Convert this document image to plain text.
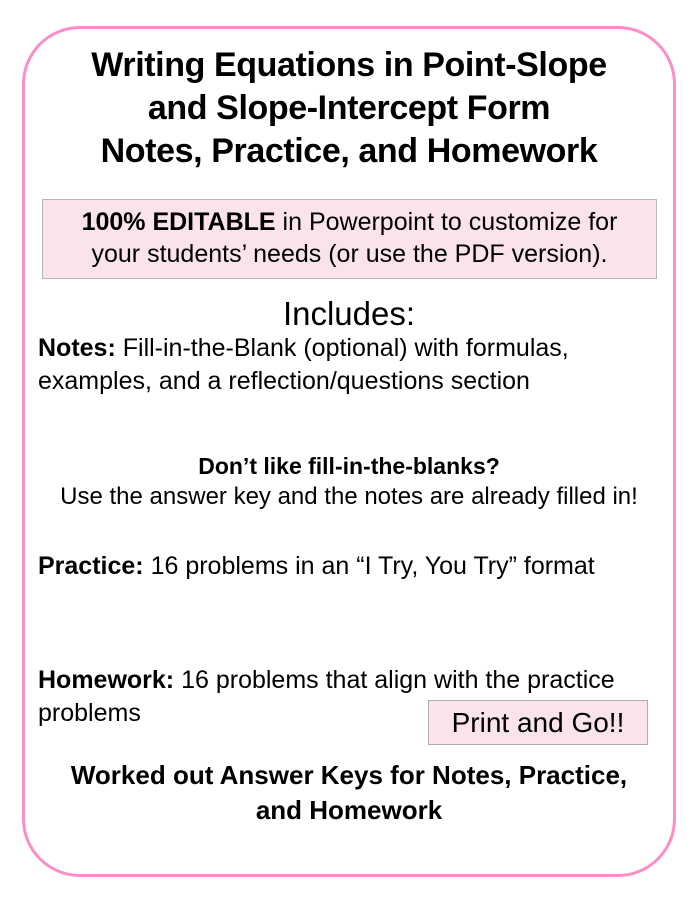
Writing Equations in Point-Slope
and Slope-Intercept Form
Notes, Practice, and Homework
100% EDITABLE in Powerpoint to customize for
your students’ needs (or use the PDF version).
Includes:
Notes: Fill-in-the-Blank (optional) with formulas, examples, and a reflection/questions section
Don’t like fill-in-the-blanks?
Use the answer key and the notes are already filled in!
Practice: 16 problems in an “I Try, You Try” format
Homework: 16 problems that align with the practice problems	Print and Go!!
Worked out Answer Keys for Notes, Practice,
and Homework
